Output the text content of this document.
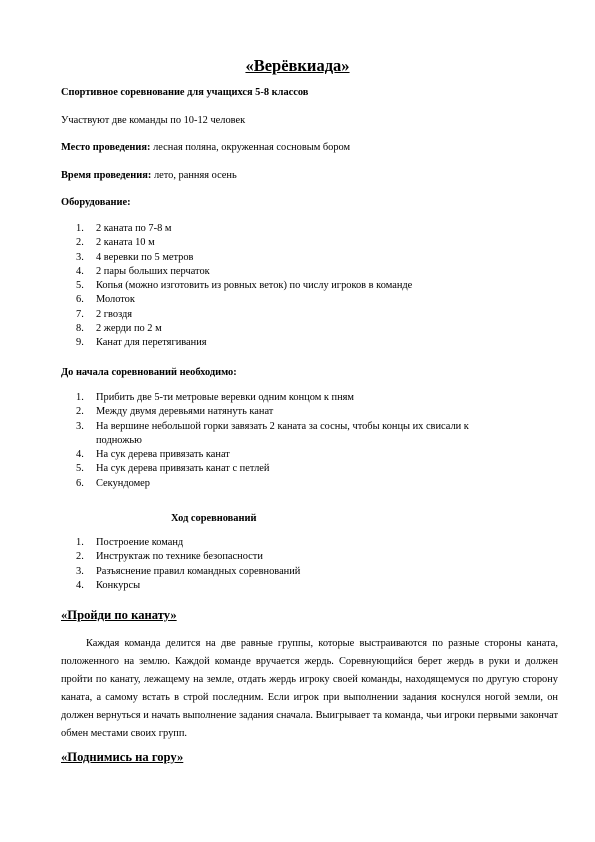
«Верёвкиада»
Спортивное соревнование для учащихся 5-8 классов
Участвуют две команды по 10-12 человек
Место проведения: лесная поляна, окруженная сосновым бором
Время проведения: лето, ранняя осень
Оборудование:
1. 2 каната по 7-8 м
2. 2 каната 10 м
3. 4 веревки по 5 метров
4. 2 пары больших перчаток
5. Копья (можно изготовить из ровных веток) по числу игроков в команде
6. Молоток
7. 2 гвоздя
8. 2 жерди по 2 м
9. Канат для перетягивания
До начала соревнований необходимо:
1. Прибить две 5-ти метровые веревки одним концом к пням
2. Между двумя деревьями натянуть канат
3. На вершине небольшой горки завязать 2 каната за сосны, чтобы концы их свисали к
подножью
4. На сук дерева привязать канат
5. На сук дерева привязать канат с петлей
6. Секундомер
Ход соревнований
1. Построение команд
2. Инструктаж по технике безопасности
3. Разъяснение правил командных соревнований
4. Конкурсы
«Пройди по канату»
Каждая команда делится на две равные группы, которые выстраиваются по разные стороны каната, положенного на землю. Каждой команде вручается жердь. Соревнующийся берет жердь в руки и должен пройти по канату, лежащему на земле, отдать жердь игроку своей команды, находящемуся по другую сторону каната, а самому встать в строй последним. Если игрок при выполнении задания коснулся ногой земли, он должен вернуться и начать выполнение задания сначала. Выигрывает та команда, чьи игроки первыми закончат обмен местами своих групп.
«Поднимись на гору»
